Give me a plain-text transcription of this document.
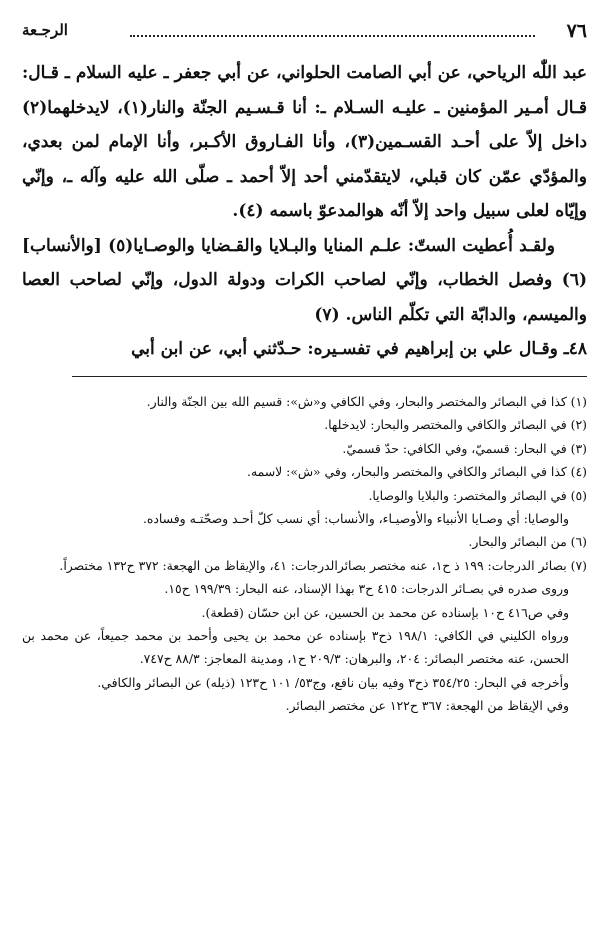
٧٦
الرجـعة

عبد اللّٰه الرياحي، عن أبي الصامت الحلواني، عن أبي جعفر ـ عليه السلام ـ قـال: قـال أمـير المؤمنين ـ عليـه السـلام ـ: أنا قـسـيم الجنّة والنار(١)، لايدخلهما(٢) داخل إلاّ على أحـد القسـمين(٣)، وأنا الفـاروق الأكـبر، وأنا الإمام لمن بعدي، والمؤدّي عمّن كان قبلي، لايتقدّمني أحد إلاّ أحمد ـ صلّى الله عليه وآله ـ، وإنّي وإيّاه لعلى سبيل واحد إلاّ أنّه هوالمدعوّ باسمه (٤).

ولقـد أُعطيت الستّ: علـم المنايا والبـلايا والقـضايا والوصـايا(٥) [والأنساب](٦) وفصل الخطاب، وإنّي لصاحب الكرات ودولة الدول، وإنّي لصاحب العصا والميسم، والدابّة التي تكلّم الناس. (٧)

٤٨ـ وقـال علي بن إبراهيم في تفسـيره: حـدّثني أبي، عن ابن أبي

(١) كذا في البصائر والمختصر والبحار، وفي الكافي و«ش»: قسيم الله بين الجنّة والنار.

(٢) في البصائر والكافي والمختصر والبحار: لايدخلها.

(٣) في البحار: قسميّ، وفي الكافي: حدّ قسميّ.

(٤) كذا في البصائر والكافي والمختصر والبحار، وفي «ش»: لاسمه.

(٥) في البصائر والمختصر: والبلايا والوصايا.

والوصايا: أي وصـايا الأنبياء والأوصيـاء، والأنساب: أي نسب كلّ أحـد وصحّتـه وفساده.

(٦) من البصائر والبحار.

(٧) بصائر الدرجات: ١٩٩ ذ ح١، عنه مختصر بصائرالدرجات: ٤١، والإيقاظ من الهجعة: ٣٧٢ ح١٣٢ مختصراً.

وروى صدره في بصـائر الدرجات: ٤١٥ ح٣ بهذا الإسناد، عنه البحار: ١٩٩/٣٩ ح١٥.

وفي ص٤١٦ ح١٠ بإسناده عن محمد بن الحسين، عن ابن حسّان (قطعة).

ورواه الكليني في الكافي: ١٩٨/١ ذح٣ بإسناده عن محمد بن يحيى وأحمد بن محمد جميعاً، عن محمد بن الحسن، عنه مختصر البصائر: ٢٠٤، والبرهان: ٢٠٩/٣ ح١، ومدينة المعاجز: ٨٨/٣ ح٧٤٧.

وأخرجه في البحار: ٣٥٤/٢٥ ذح٣ وفيه بيان نافع، وج٥٣/ ١٠١ ح١٢٣ (ذيله) عن البصائر والكافي.

وفي الإيقاظ من الهجعة: ٣٦٧ ح١٢٢ عن مختصر البصائر.
